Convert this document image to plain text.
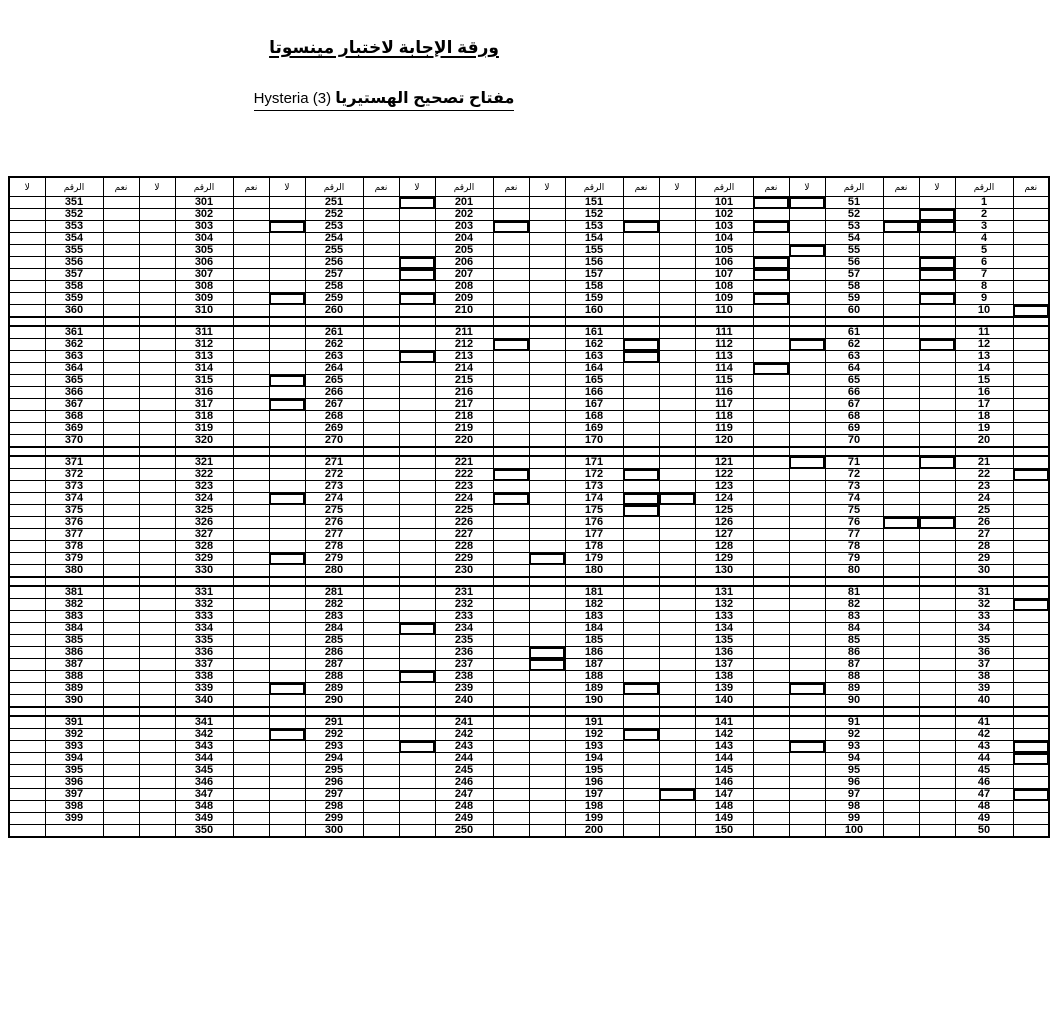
ورقة الإجابة لاختبار مينسوتا
Hysteria (3) مفتاح تصحيح الهستيريا
لا	الرقم	نعم	لا	الرقم	نعم	لا	الرقم	نعم	لا	الرقم	نعم	لا	الرقم	نعم	لا	الرقم	نعم	لا	الرقم	نعم	لا	الرقم	نعم
	351			301			251			201			151			101			51			1	
	352			302			252			202			152			102			52			2	
	353			303			253			203			153			103			53			3	
	354			304			254			204			154			104			54			4	
	355			305			255			205			155			105			55			5	
	356			306			256			206			156			106			56			6	
	357			307			257			207			157			107			57			7	
	358			308			258			208			158			108			58			8	
	359			309			259			209			159			109			59			9	
	360			310			260			210			160			110			60			10	

	361			311			261			211			161			111			61			11	
	362			312			262			212			162			112			62			12	
	363			313			263			213			163			113			63			13	
	364			314			264			214			164			114			64			14	
	365			315			265			215			165			115			65			15	
	366			316			266			216			166			116			66			16	
	367			317			267			217			167			117			67			17	
	368			318			268			218			168			118			68			18	
	369			319			269			219			169			119			69			19	
	370			320			270			220			170			120			70			20	

	371			321			271			221			171			121			71			21	
	372			322			272			222			172			122			72			22	
	373			323			273			223			173			123			73			23	
	374			324			274			224			174			124			74			24	
	375			325			275			225			175			125			75			25	
	376			326			276			226			176			126			76			26	
	377			327			277			227			177			127			77			27	
	378			328			278			228			178			128			78			28	
	379			329			279			229			179			129			79			29	
	380			330			280			230			180			130			80			30	

	381			331			281			231			181			131			81			31	
	382			332			282			232			182			132			82			32	
	383			333			283			233			183			133			83			33	
	384			334			284			234			184			134			84			34	
	385			335			285			235			185			135			85			35	
	386			336			286			236			186			136			86			36	
	387			337			287			237			187			137			87			37	
	388			338			288			238			188			138			88			38	
	389			339			289			239			189			139			89			39	
	390			340			290			240			190			140			90			40	

	391			341			291			241			191			141			91			41	
	392			342			292			242			192			142			92			42	
	393			343			293			243			193			143			93			43	
	394			344			294			244			194			144			94			44	
	395			345			295			245			195			145			95			45	
	396			346			296			246			196			146			96			46	
	397			347			297			247			197			147			97			47	
	398			348			298			248			198			148			98			48	
	399			349			299			249			199			149			99			49	
				350			300			250			200			150			100			50	
